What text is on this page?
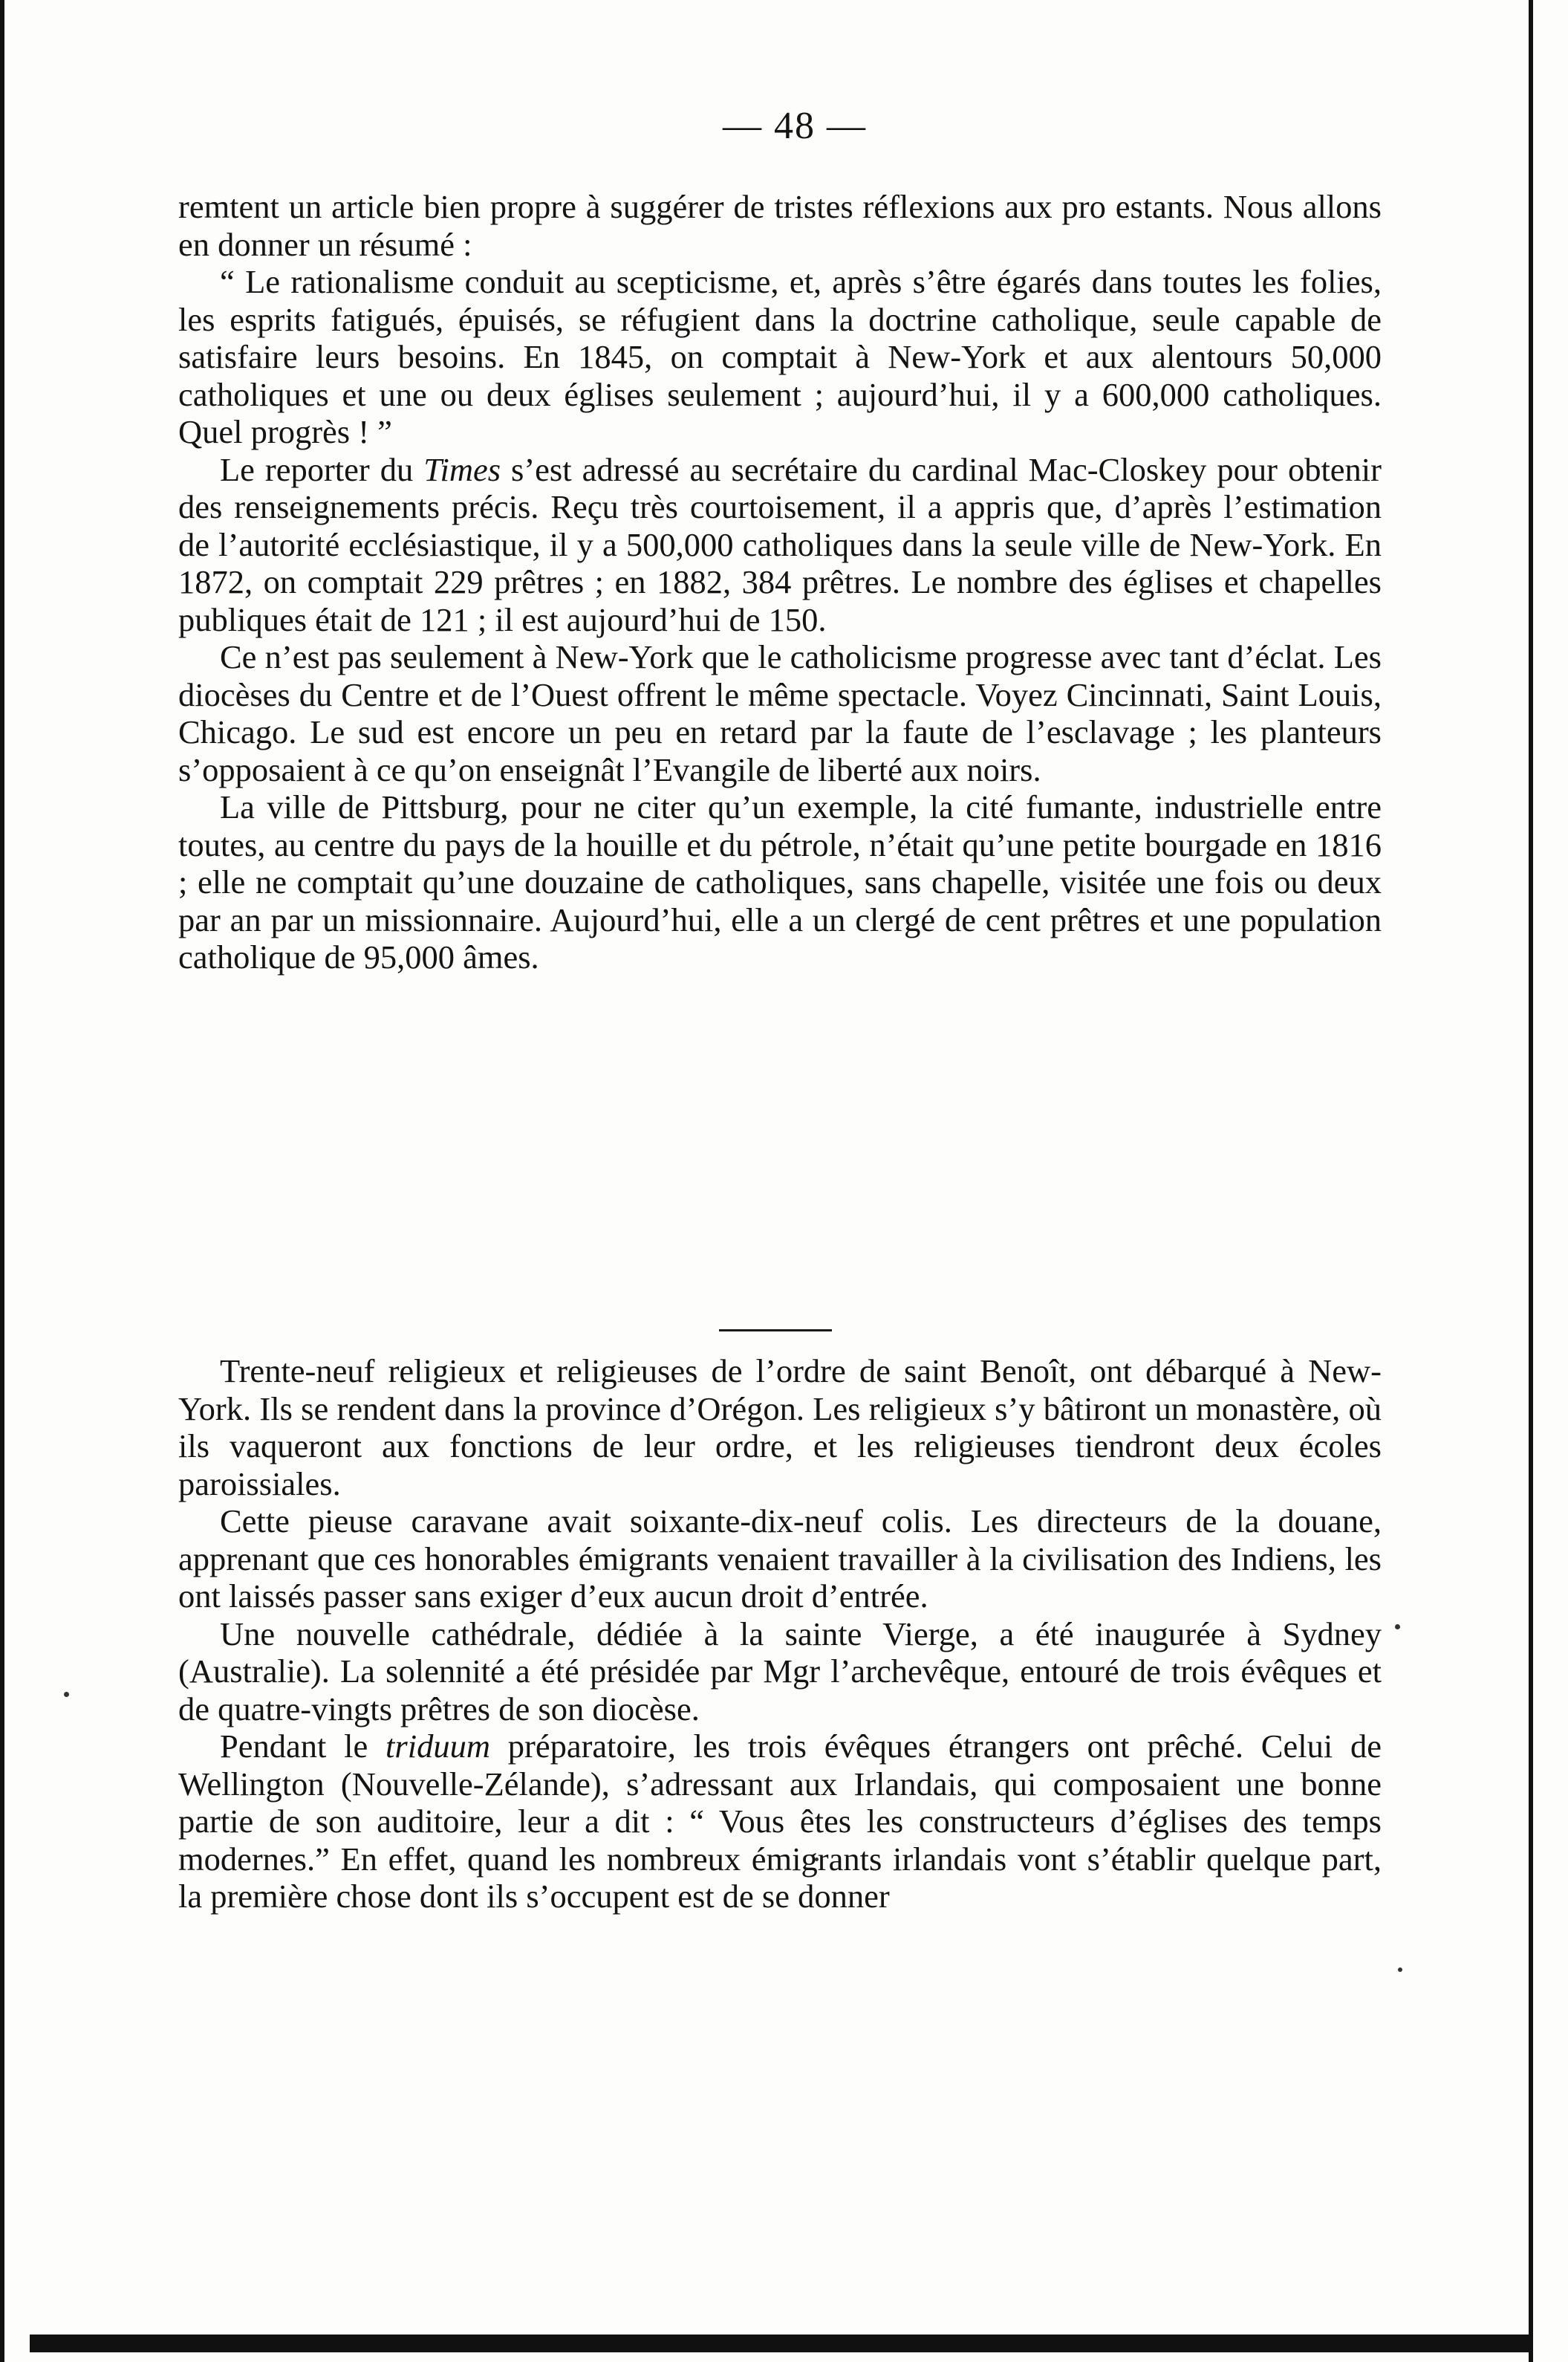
— 48 —

remtent un article bien propre à suggérer de tristes réflexions aux pro estants. Nous allons en donner un résumé :

“ Le rationalisme conduit au scepticisme, et, après s’être égarés dans toutes les folies, les esprits fatigués, épuisés, se réfugient dans la doctrine catholique, seule capable de satisfaire leurs besoins. En 1845, on comptait à New-York et aux alentours 50,000 catholiques et une ou deux églises seulement ; aujourd’hui, il y a 600,000 catholiques. Quel progrès ! ”

Le reporter du Times s’est adressé au secrétaire du cardinal Mac-Closkey pour obtenir des renseignements précis. Reçu très courtoisement, il a appris que, d’après l’estimation de l’autorité ecclésiastique, il y a 500,000 catholiques dans la seule ville de New-York. En 1872, on comptait 229 prêtres ; en 1882, 384 prêtres. Le nombre des églises et chapelles publiques était de 121 ; il est aujourd’hui de 150.

Ce n’est pas seulement à New-York que le catholicisme progresse avec tant d’éclat. Les diocèses du Centre et de l’Ouest offrent le même spectacle. Voyez Cincinnati, Saint Louis, Chicago. Le sud est encore un peu en retard par la faute de l’esclavage ; les planteurs s’opposaient à ce qu’on enseignât l’Evangile de liberté aux noirs.

La ville de Pittsburg, pour ne citer qu’un exemple, la cité fumante, industrielle entre toutes, au centre du pays de la houille et du pétrole, n’était qu’une petite bourgade en 1816 ; elle ne comptait qu’une douzaine de catholiques, sans chapelle, visitée une fois ou deux par an par un missionnaire. Aujourd’hui, elle a un clergé de cent prêtres et une population catholique de 95,000 âmes.

Trente-neuf religieux et religieuses de l’ordre de saint Benoît, ont débarqué à New-York. Ils se rendent dans la province d’Orégon. Les religieux s’y bâtiront un monastère, où ils vaqueront aux fonctions de leur ordre, et les religieuses tiendront deux écoles paroissiales.

Cette pieuse caravane avait soixante-dix-neuf colis. Les directeurs de la douane, apprenant que ces honorables émigrants venaient travailler à la civilisation des Indiens, les ont laissés passer sans exiger d’eux aucun droit d’entrée.

Une nouvelle cathédrale, dédiée à la sainte Vierge, a été inaugurée à Sydney (Australie). La solennité a été présidée par Mgr l’archevêque, entouré de trois évêques et de quatre-vingts prêtres de son diocèse.

Pendant le triduum préparatoire, les trois évêques étrangers ont prêché. Celui de Wellington (Nouvelle-Zélande), s’adressant aux Irlandais, qui composaient une bonne partie de son auditoire, leur a dit : “ Vous êtes les constructeurs d’églises des temps modernes.” En effet, quand les nombreux émigrants irlandais vont s’établir quelque part, la première chose dont ils s’occupent est de se donner
